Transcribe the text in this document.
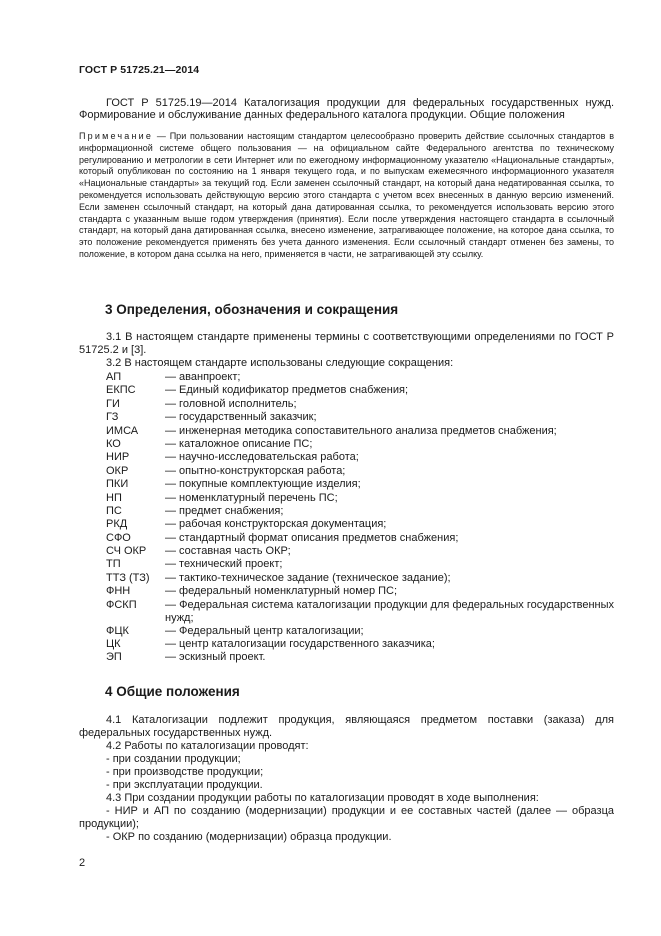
ГОСТ Р 51725.21—2014
ГОСТ Р 51725.19—2014 Каталогизация продукции для федеральных государственных нужд. Формирование и обслуживание данных федерального каталога продукции. Общие положения
Примечание — При пользовании настоящим стандартом целесообразно проверить действие ссылочных стандартов в информационной системе общего пользования — на официальном сайте Федерального агентства по техническому регулированию и метрологии в сети Интернет или по ежегодному информационному указателю «Национальные стандарты», который опубликован по состоянию на 1 января текущего года, и по выпускам ежемесячного информационного указателя «Национальные стандарты» за текущий год. Если заменен ссылочный стандарт, на который дана недатированная ссылка, то рекомендуется использовать действующую версию этого стандарта с учетом всех внесенных в данную версию изменений. Если заменен ссылочный стандарт, на который дана датированная ссылка, то рекомендуется использовать версию этого стандарта с указанным выше годом утверждения (принятия). Если после утверждения настоящего стандарта в ссылочный стандарт, на который дана датированная ссылка, внесено изменение, затрагивающее положение, на которое дана ссылка, то это положение рекомендуется применять без учета данного изменения. Если ссылочный стандарт отменен без замены, то положение, в котором дана ссылка на него, применяется в части, не затрагивающей эту ссылку.
3 Определения, обозначения и сокращения
3.1 В настоящем стандарте применены термины с соответствующими определениями по ГОСТ Р 51725.2 и [3].
3.2 В настоящем стандарте использованы следующие сокращения:
АП	— аванпроект;
ЕКПС	— Единый кодификатор предметов снабжения;
ГИ	— головной исполнитель;
ГЗ	— государственный заказчик;
ИМСА	— инженерная методика сопоставительного анализа предметов снабжения;
КО	— каталожное описание ПС;
НИР	— научно-исследовательская работа;
ОКР	— опытно-конструкторская работа;
ПКИ	— покупные комплектующие изделия;
НП	— номенклатурный перечень ПС;
ПС	— предмет снабжения;
РКД	— рабочая конструкторская документация;
СФО	— стандартный формат описания предметов снабжения;
СЧ ОКР	— составная часть ОКР;
ТП	— технический проект;
ТТЗ (ТЗ)	— тактико-техническое задание (техническое задание);
ФНН	— федеральный номенклатурный номер ПС;
ФСКП	— Федеральная система каталогизации продукции для федеральных государственных нужд;
ФЦК	— Федеральный центр каталогизации;
ЦК	— центр каталогизации государственного заказчика;
ЭП	— эскизный проект.
4 Общие положения
4.1 Каталогизации подлежит продукция, являющаяся предметом поставки (заказа) для федеральных государственных нужд.
4.2 Работы по каталогизации проводят:
- при создании продукции;
- при производстве продукции;
- при эксплуатации продукции.
4.3 При создании продукции работы по каталогизации проводят в ходе выполнения:
- НИР и АП по созданию (модернизации) продукции и ее составных частей (далее — образца продукции);
- ОКР по созданию (модернизации) образца продукции.
2
